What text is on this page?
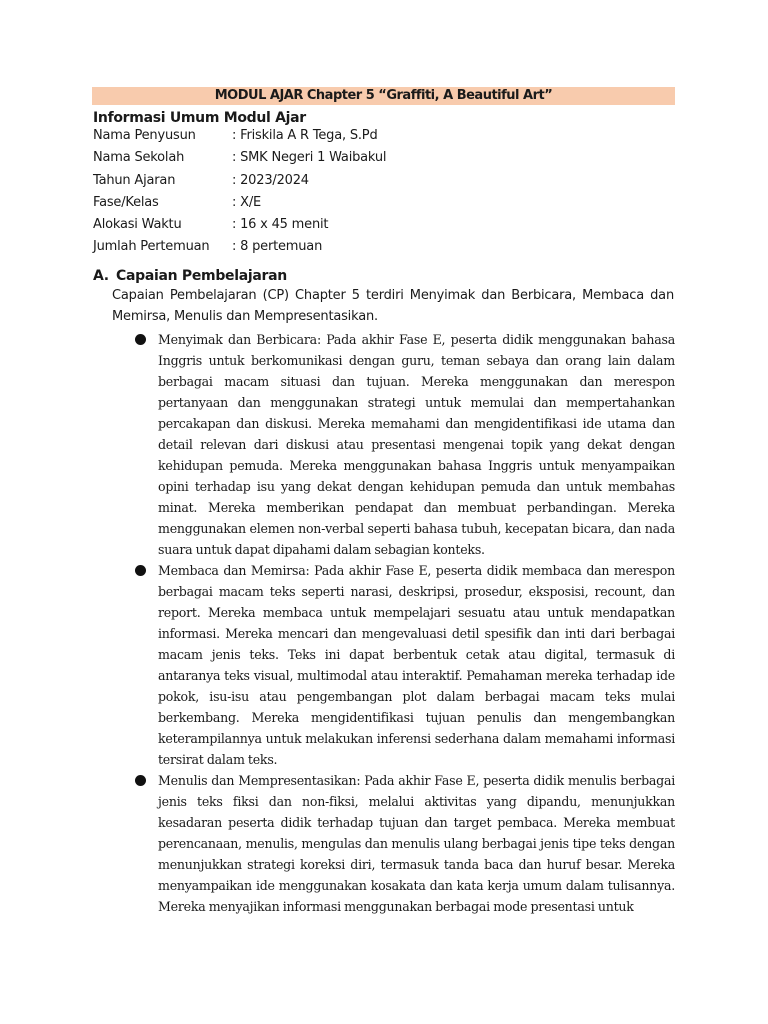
MODUL AJAR Chapter 5 “Graffiti, A Beautiful Art”
Informasi Umum Modul Ajar
Nama Penyusun	: Friskila A R Tega, S.Pd
Nama Sekolah	: SMK Negeri 1 Waibakul
Tahun Ajaran	: 2023/2024
Fase/Kelas	: X/E
Alokasi Waktu	: 16 x 45 menit
Jumlah Pertemuan : 8 pertemuan
A. Capaian Pembelajaran
Capaian Pembelajaran (CP) Chapter 5 terdiri Menyimak dan Berbicara, Membaca dan Memirsa, Menulis dan Mempresentasikan.
Menyimak dan Berbicara: Pada akhir Fase E, peserta didik menggunakan bahasa Inggris untuk berkomunikasi dengan guru, teman sebaya dan orang lain dalam berbagai macam situasi dan tujuan. Mereka menggunakan dan merespon pertanyaan dan menggunakan strategi untuk memulai dan mempertahankan percakapan dan diskusi. Mereka memahami dan mengidentifikasi ide utama dan detail relevan dari diskusi atau presentasi mengenai topik yang dekat dengan kehidupan pemuda. Mereka menggunakan bahasa Inggris untuk menyampaikan opini terhadap isu yang dekat dengan kehidupan pemuda dan untuk membahas minat. Mereka memberikan pendapat dan membuat perbandingan. Mereka menggunakan elemen non-verbal seperti bahasa tubuh, kecepatan bicara, dan nada suara untuk dapat dipahami dalam sebagian konteks.
Membaca dan Memirsa: Pada akhir Fase E, peserta didik membaca dan merespon berbagai macam teks seperti narasi, deskripsi, prosedur, eksposisi, recount, dan report. Mereka membaca untuk mempelajari sesuatu atau untuk mendapatkan informasi. Mereka mencari dan mengevaluasi detil spesifik dan inti dari berbagai macam jenis teks. Teks ini dapat berbentuk cetak atau digital, termasuk di antaranya teks visual, multimodal atau interaktif. Pemahaman mereka terhadap ide pokok, isu-isu atau pengembangan plot dalam berbagai macam teks mulai berkembang. Mereka mengidentifikasi tujuan penulis dan mengembangkan keterampilannya untuk melakukan inferensi sederhana dalam memahami informasi tersirat dalam teks.
Menulis dan Mempresentasikan: Pada akhir Fase E, peserta didik menulis berbagai jenis teks fiksi dan non-fiksi, melalui aktivitas yang dipandu, menunjukkan kesadaran peserta didik terhadap tujuan dan target pembaca. Mereka membuat perencanaan, menulis, mengulas dan menulis ulang berbagai jenis tipe teks dengan menunjukkan strategi koreksi diri, termasuk tanda baca dan huruf besar. Mereka menyampaikan ide menggunakan kosakata dan kata kerja umum dalam tulisannya. Mereka menyajikan informasi menggunakan berbagai mode presentasi untuk
